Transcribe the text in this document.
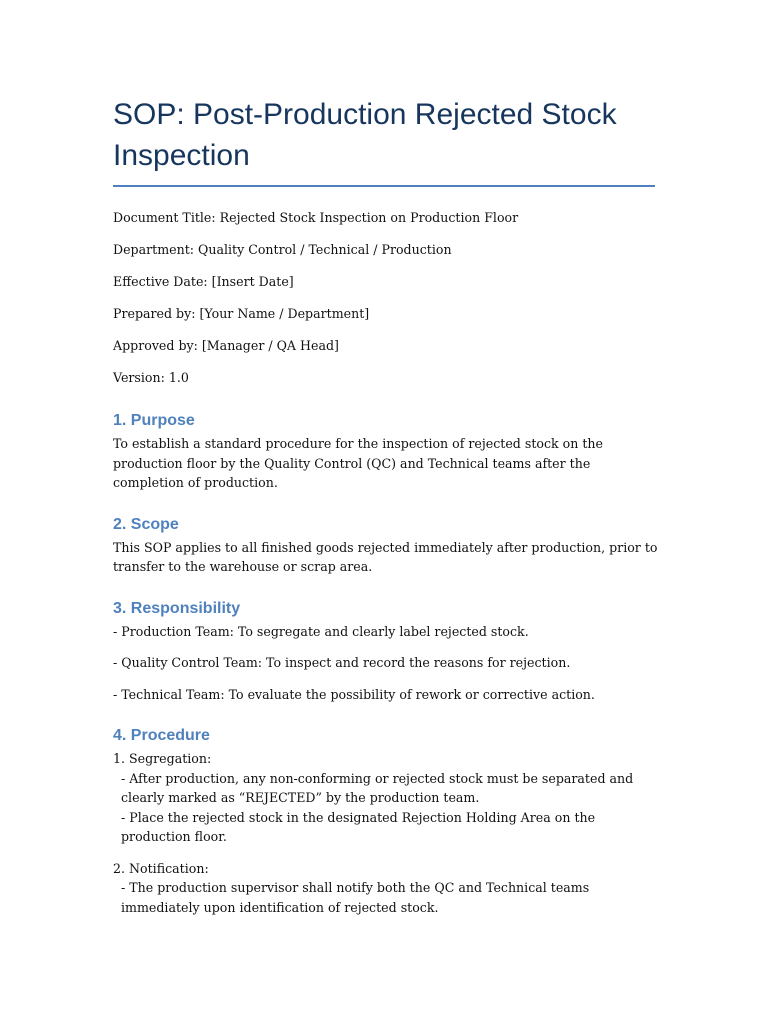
SOP: Post-Production Rejected Stock Inspection

Document Title: Rejected Stock Inspection on Production Floor

Department: Quality Control / Technical / Production

Effective Date: [Insert Date]

Prepared by: [Your Name / Department]

Approved by: [Manager / QA Head]

Version: 1.0

1. Purpose

To establish a standard procedure for the inspection of rejected stock on the production floor by the Quality Control (QC) and Technical teams after the completion of production.

2. Scope

This SOP applies to all finished goods rejected immediately after production, prior to transfer to the warehouse or scrap area.

3. Responsibility

- Production Team: To segregate and clearly label rejected stock.

- Quality Control Team: To inspect and record the reasons for rejection.

- Technical Team: To evaluate the possibility of rework or corrective action.

4. Procedure

1. Segregation:
- After production, any non-conforming or rejected stock must be separated and clearly marked as “REJECTED” by the production team.
- Place the rejected stock in the designated Rejection Holding Area on the production floor.

2. Notification:
- The production supervisor shall notify both the QC and Technical teams immediately upon identification of rejected stock.
